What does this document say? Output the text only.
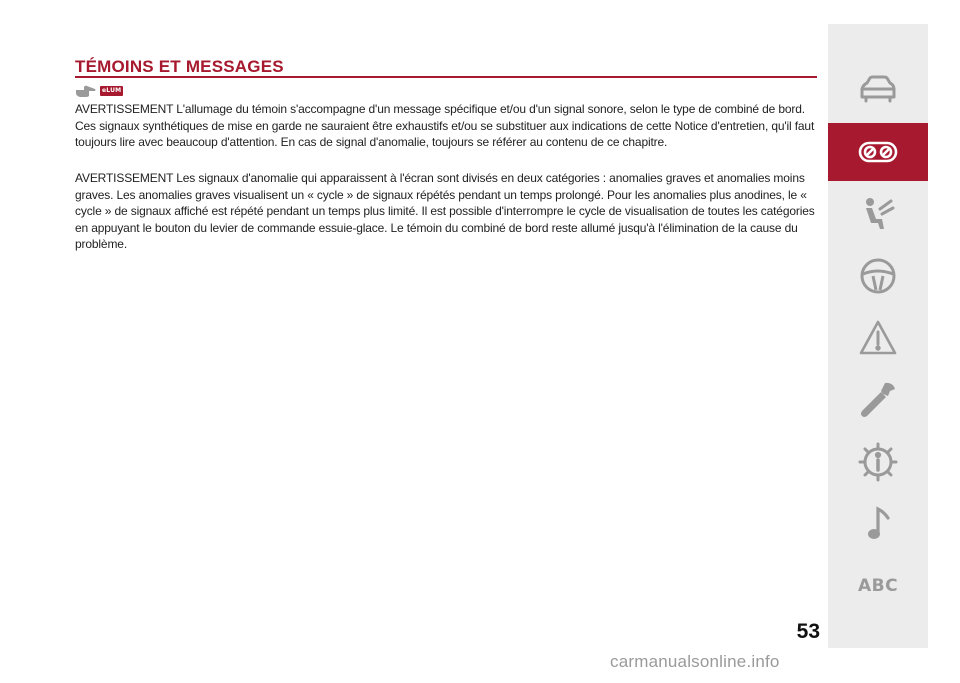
TÉMOINS ET MESSAGES
eLUM
AVERTISSEMENT L'allumage du témoin s'accompagne d'un message spécifique et/ou d'un signal sonore, selon le type de combiné de bord. Ces signaux synthétiques de mise en garde ne sauraient être exhaustifs et/ou se substituer aux indications de cette Notice d'entretien, qu'il faut toujours lire avec beaucoup d'attention. En cas de signal d'anomalie, toujours se référer au contenu de ce chapitre.
AVERTISSEMENT Les signaux d'anomalie qui apparaissent à l'écran sont divisés en deux catégories : anomalies graves et anomalies moins graves. Les anomalies graves visualisent un « cycle » de signaux répétés pendant un temps prolongé. Pour les anomalies plus anodines, le « cycle » de signaux affiché est répété pendant un temps plus limité. Il est possible d'interrompre le cycle de visualisation de toutes les catégories en appuyant le bouton du levier de commande essuie-glace. Le témoin du combiné de bord reste allumé jusqu'à l'élimination de la cause du problème.
53
ABC
carmanualsonline.info
